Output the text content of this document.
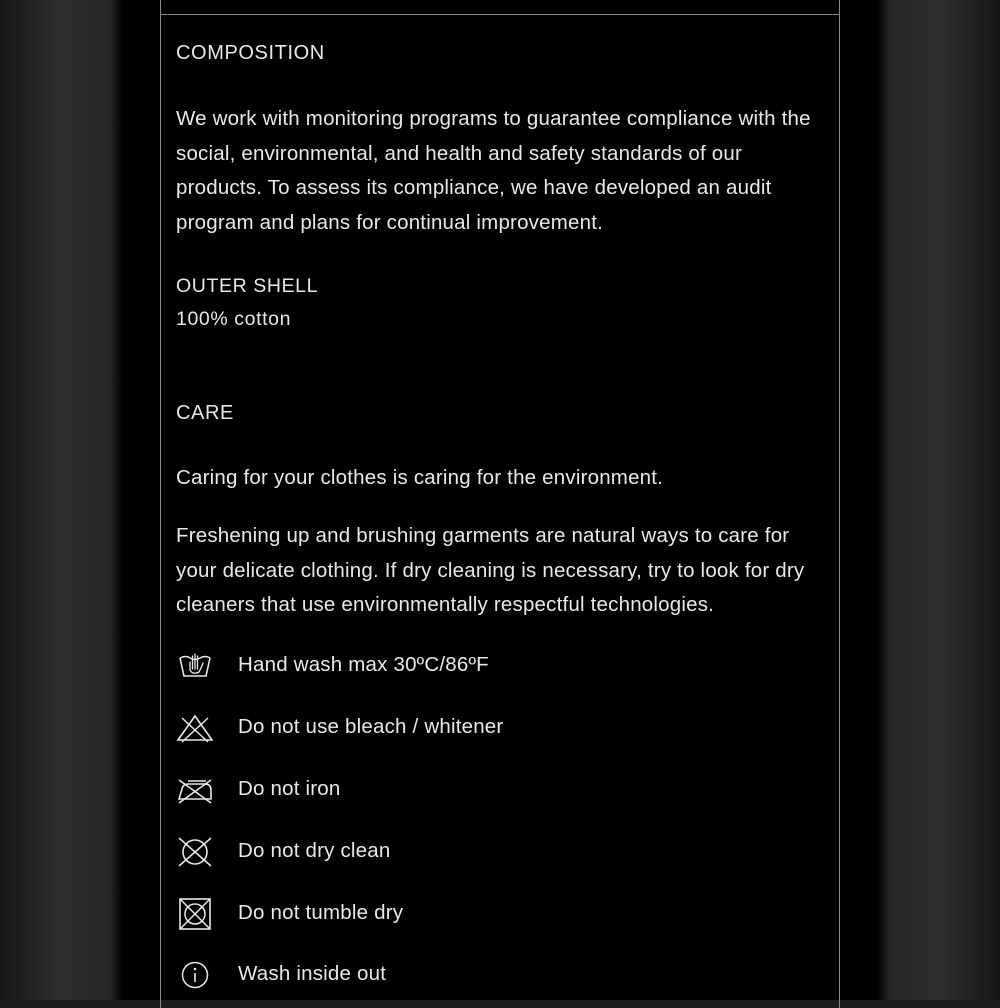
COMPOSITION
We work with monitoring programs to guarantee compliance with the social, environmental, and health and safety standards of our products. To assess its compliance, we have developed an audit program and plans for continual improvement.
OUTER SHELL
100% cotton
CARE
Caring for your clothes is caring for the environment.
Freshening up and brushing garments are natural ways to care for your delicate clothing. If dry cleaning is necessary, try to look for dry cleaners that use environmentally respectful technologies.
Hand wash max 30ºC/86ºF
Do not use bleach / whitener
Do not iron
Do not dry clean
Do not tumble dry
Wash inside out
